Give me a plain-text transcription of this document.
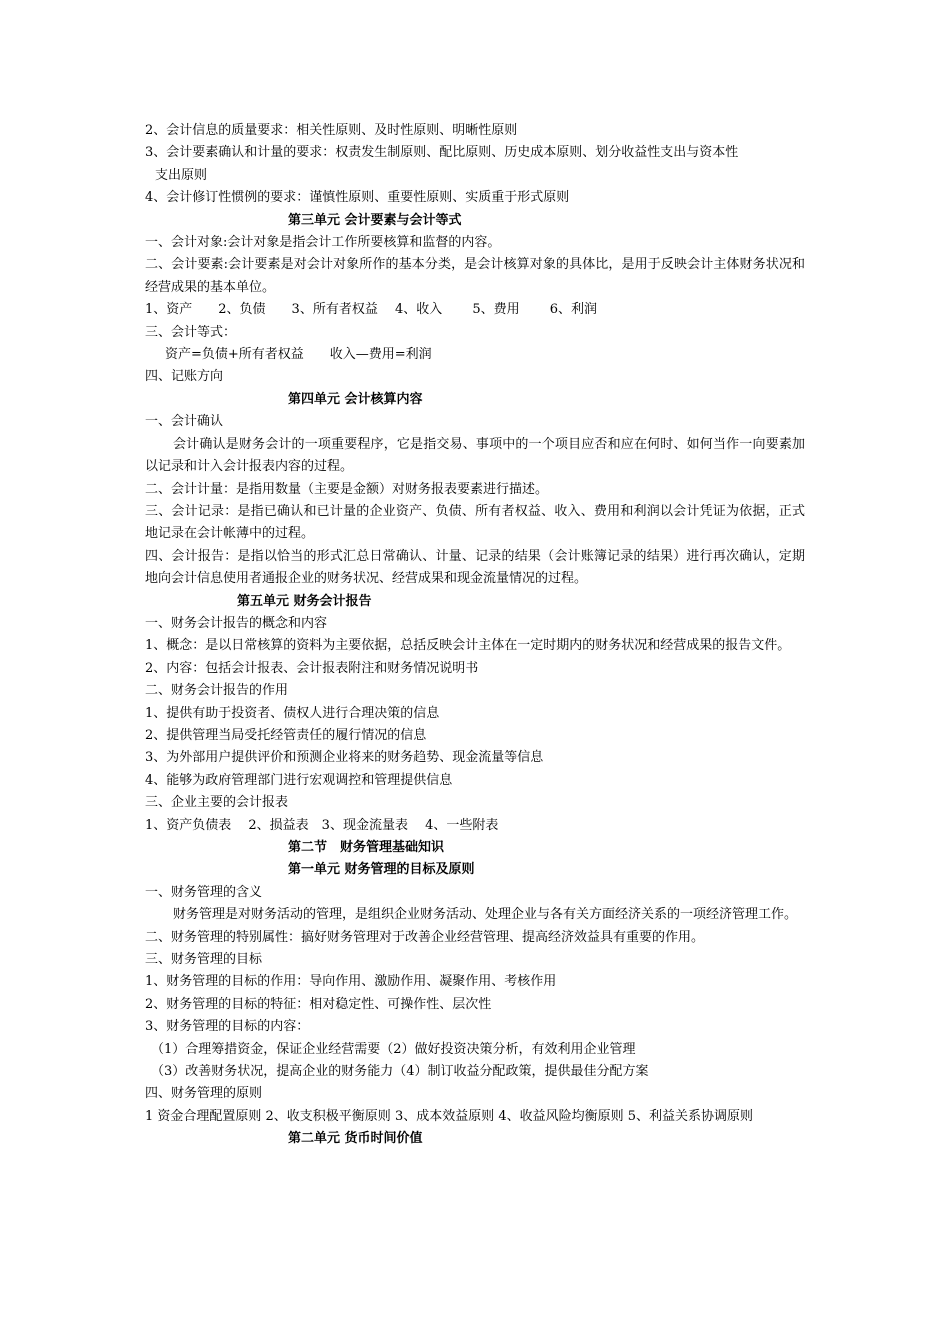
2、会计信息的质量要求：相关性原则、及时性原则、明晰性原则
3、会计要素确认和计量的要求：权责发生制原则、配比原则、历史成本原则、划分收益性支出与资本性
支出原则
4、会计修订性惯例的要求：谨慎性原则、重要性原则、实质重于形式原则
第三单元 会计要素与会计等式
一、会计对象:会计对象是指会计工作所要核算和监督的内容。
二、会计要素:会计要素是对会计对象所作的基本分类，是会计核算对象的具体比，是用于反映会计主体财务状况和经营成果的基本单位。
1、资产　　2、负债　　3、所有者权益　 4、收入　　 5、费用　　 6、利润
三、会计等式：
资产=负债+所有者权益　　收入—费用=利润
四、记账方向
第四单元 会计核算内容
一、会计确认
会计确认是财务会计的一项重要程序，它是指交易、事项中的一个项目应否和应在何时、如何当作一向要素加以记录和计入会计报表内容的过程。
二、会计计量：是指用数量（主要是金额）对财务报表要素进行描述。
三、会计记录：是指已确认和已计量的企业资产、负债、所有者权益、收入、费用和利润以会计凭证为依据，正式地记录在会计帐薄中的过程。
四、会计报告：是指以恰当的形式汇总日常确认、计量、记录的结果（会计账簿记录的结果）进行再次确认，定期地向会计信息使用者通报企业的财务状况、经营成果和现金流量情况的过程。
第五单元 财务会计报告
一、财务会计报告的概念和内容
1、概念：是以日常核算的资料为主要依据，总括反映会计主体在一定时期内的财务状况和经营成果的报告文件。
2、内容：包括会计报表、会计报表附注和财务情况说明书
二、财务会计报告的作用
1、提供有助于投资者、债权人进行合理决策的信息
2、提供管理当局受托经管责任的履行情况的信息
3、为外部用户提供评价和预测企业将来的财务趋势、现金流量等信息
4、能够为政府管理部门进行宏观调控和管理提供信息
三、企业主要的会计报表
1、资产负债表　 2、损益表　3、现金流量表　 4、一些附表
第二节　财务管理基础知识
第一单元 财务管理的目标及原则
一、财务管理的含义
财务管理是对财务活动的管理，是组织企业财务活动、处理企业与各有关方面经济关系的一项经济管理工作。
二、财务管理的特别属性：搞好财务管理对于改善企业经营管理、提高经济效益具有重要的作用。
三、财务管理的目标
1、财务管理的目标的作用：导向作用、激励作用、凝聚作用、考核作用
2、财务管理的目标的特征：相对稳定性、可操作性、层次性
3、财务管理的目标的内容：
（1）合理筹措资金，保证企业经营需要（2）做好投资决策分析，有效利用企业管理
（3）改善财务状况，提高企业的财务能力（4）制订收益分配政策，提供最佳分配方案
四、财务管理的原则
1 资金合理配置原则 2、收支积极平衡原则 3、成本效益原则 4、收益风险均衡原则 5、利益关系协调原则
第二单元 货币时间价值
